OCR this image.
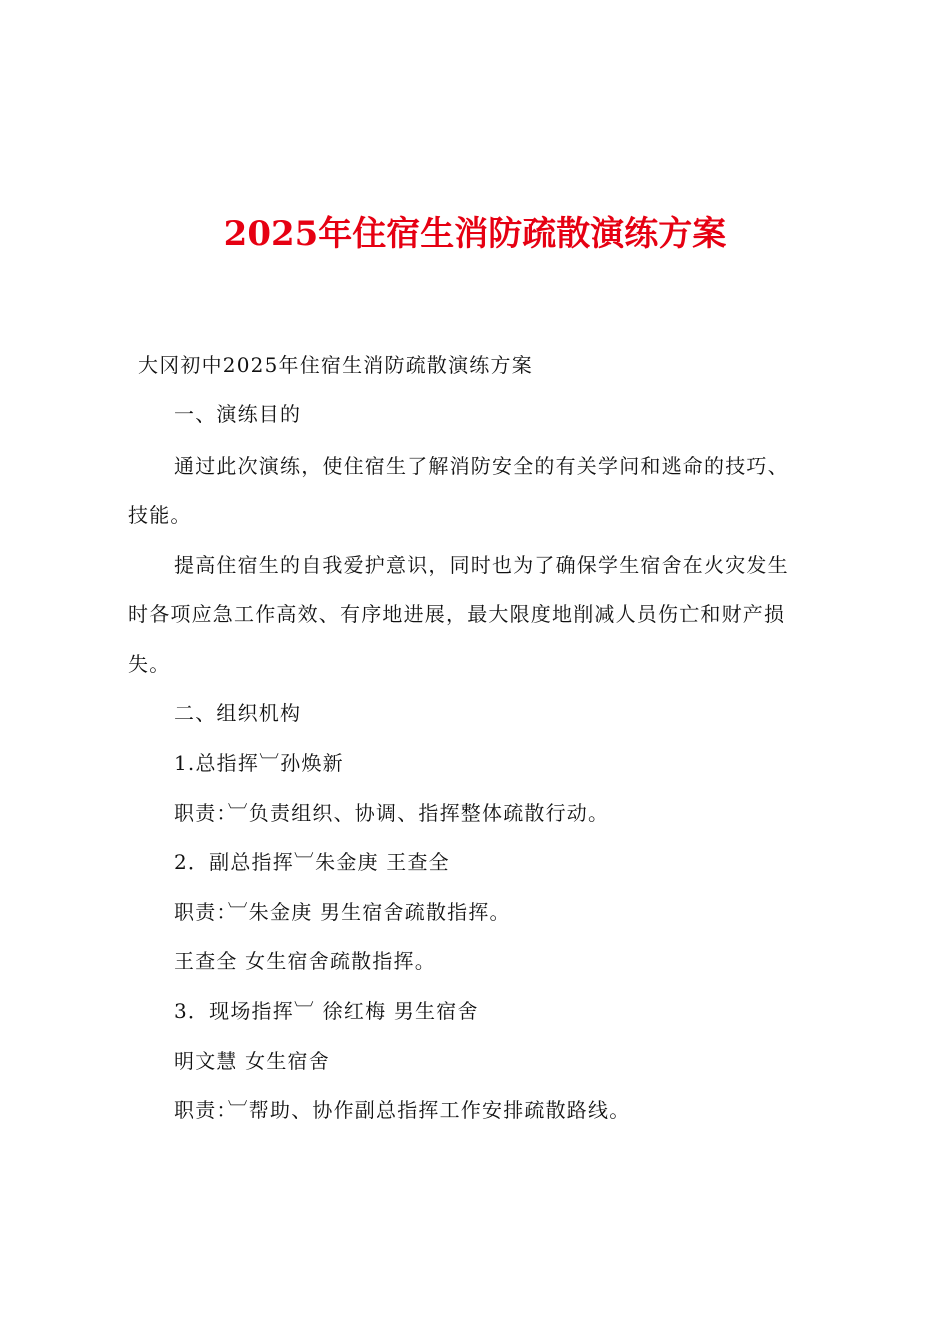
2025年住宿生消防疏散演练方案
大冈初中2025年住宿生消防疏散演练方案
一、演练目的
通过此次演练，使住宿生了解消防安全的有关学问和逃命的技巧、
技能。
提高住宿生的自我爱护意识，同时也为了确保学生宿舍在火灾发生
时各项应急工作高效、有序地进展，最大限度地削减人员伤亡和财产损
失。
二、组织机构
1.总指挥︺孙焕新
职责：︺负责组织、协调、指挥整体疏散行动。
2．副总指挥︺朱金庚 王查全
职责：︺朱金庚 男生宿舍疏散指挥。
王查全 女生宿舍疏散指挥。
3．现场指挥︺ 徐红梅 男生宿舍
明文慧 女生宿舍
职责：︺帮助、协作副总指挥工作安排疏散路线。
